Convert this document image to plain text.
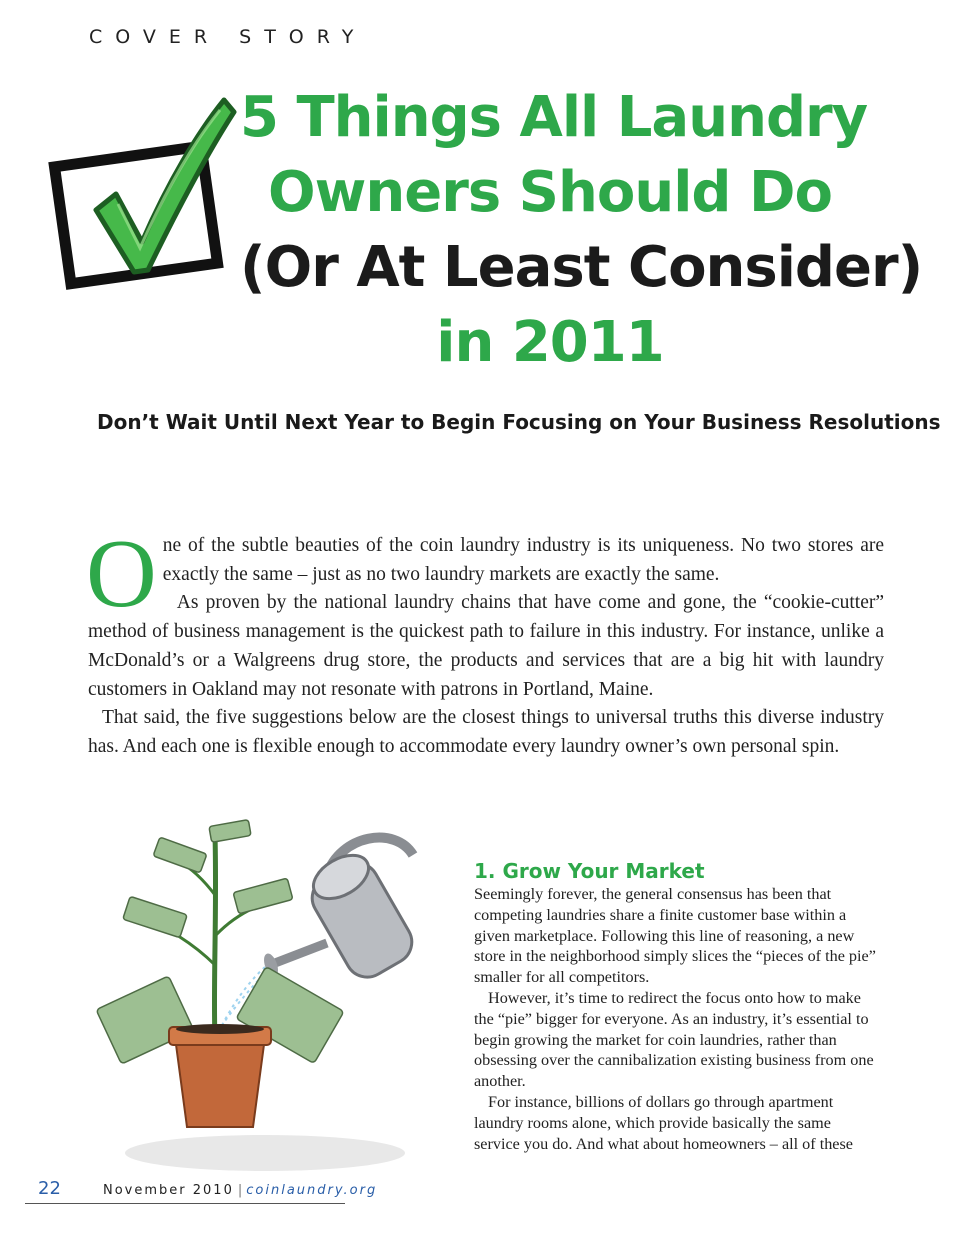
COVER STORY
5 Things All Laundry
Owners Should Do
(Or At Least Consider)
in 2011
Don’t Wait Until Next Year to Begin Focusing on Your Business Resolutions
O ne of the subtle beauties of the coin laundry industry is its uniqueness. No two stores are exactly the same – just as no two laundry markets are exactly the same.

As proven by the national laundry chains that have come and gone, the “cookie-cutter” method of business management is the quickest path to failure in this industry. For instance, unlike a McDonald’s or a Walgreens drug store, the products and services that are a big hit with laundry customers in Oakland may not resonate with patrons in Portland, Maine.

That said, the five suggestions below are the closest things to universal truths this diverse industry has. And each one is flexible enough to accommodate every laundry owner’s own personal spin.

1. Grow Your Market

Seemingly forever, the general consensus has been that competing laundries share a finite customer base within a given marketplace. Following this line of reasoning, a new store in the neighborhood simply slices the “pieces of the pie” smaller for all competitors.

However, it’s time to redirect the focus onto how to make the “pie” bigger for everyone. As an industry, it’s essential to begin growing the market for coin laundries, rather than obsessing over the cannibalization existing business from one another.

For instance, billions of dollars go through apartment laundry rooms alone, which provide basically the same service you do. And what about homeowners – all of these

22	November 2010 | coinlaundry.org
